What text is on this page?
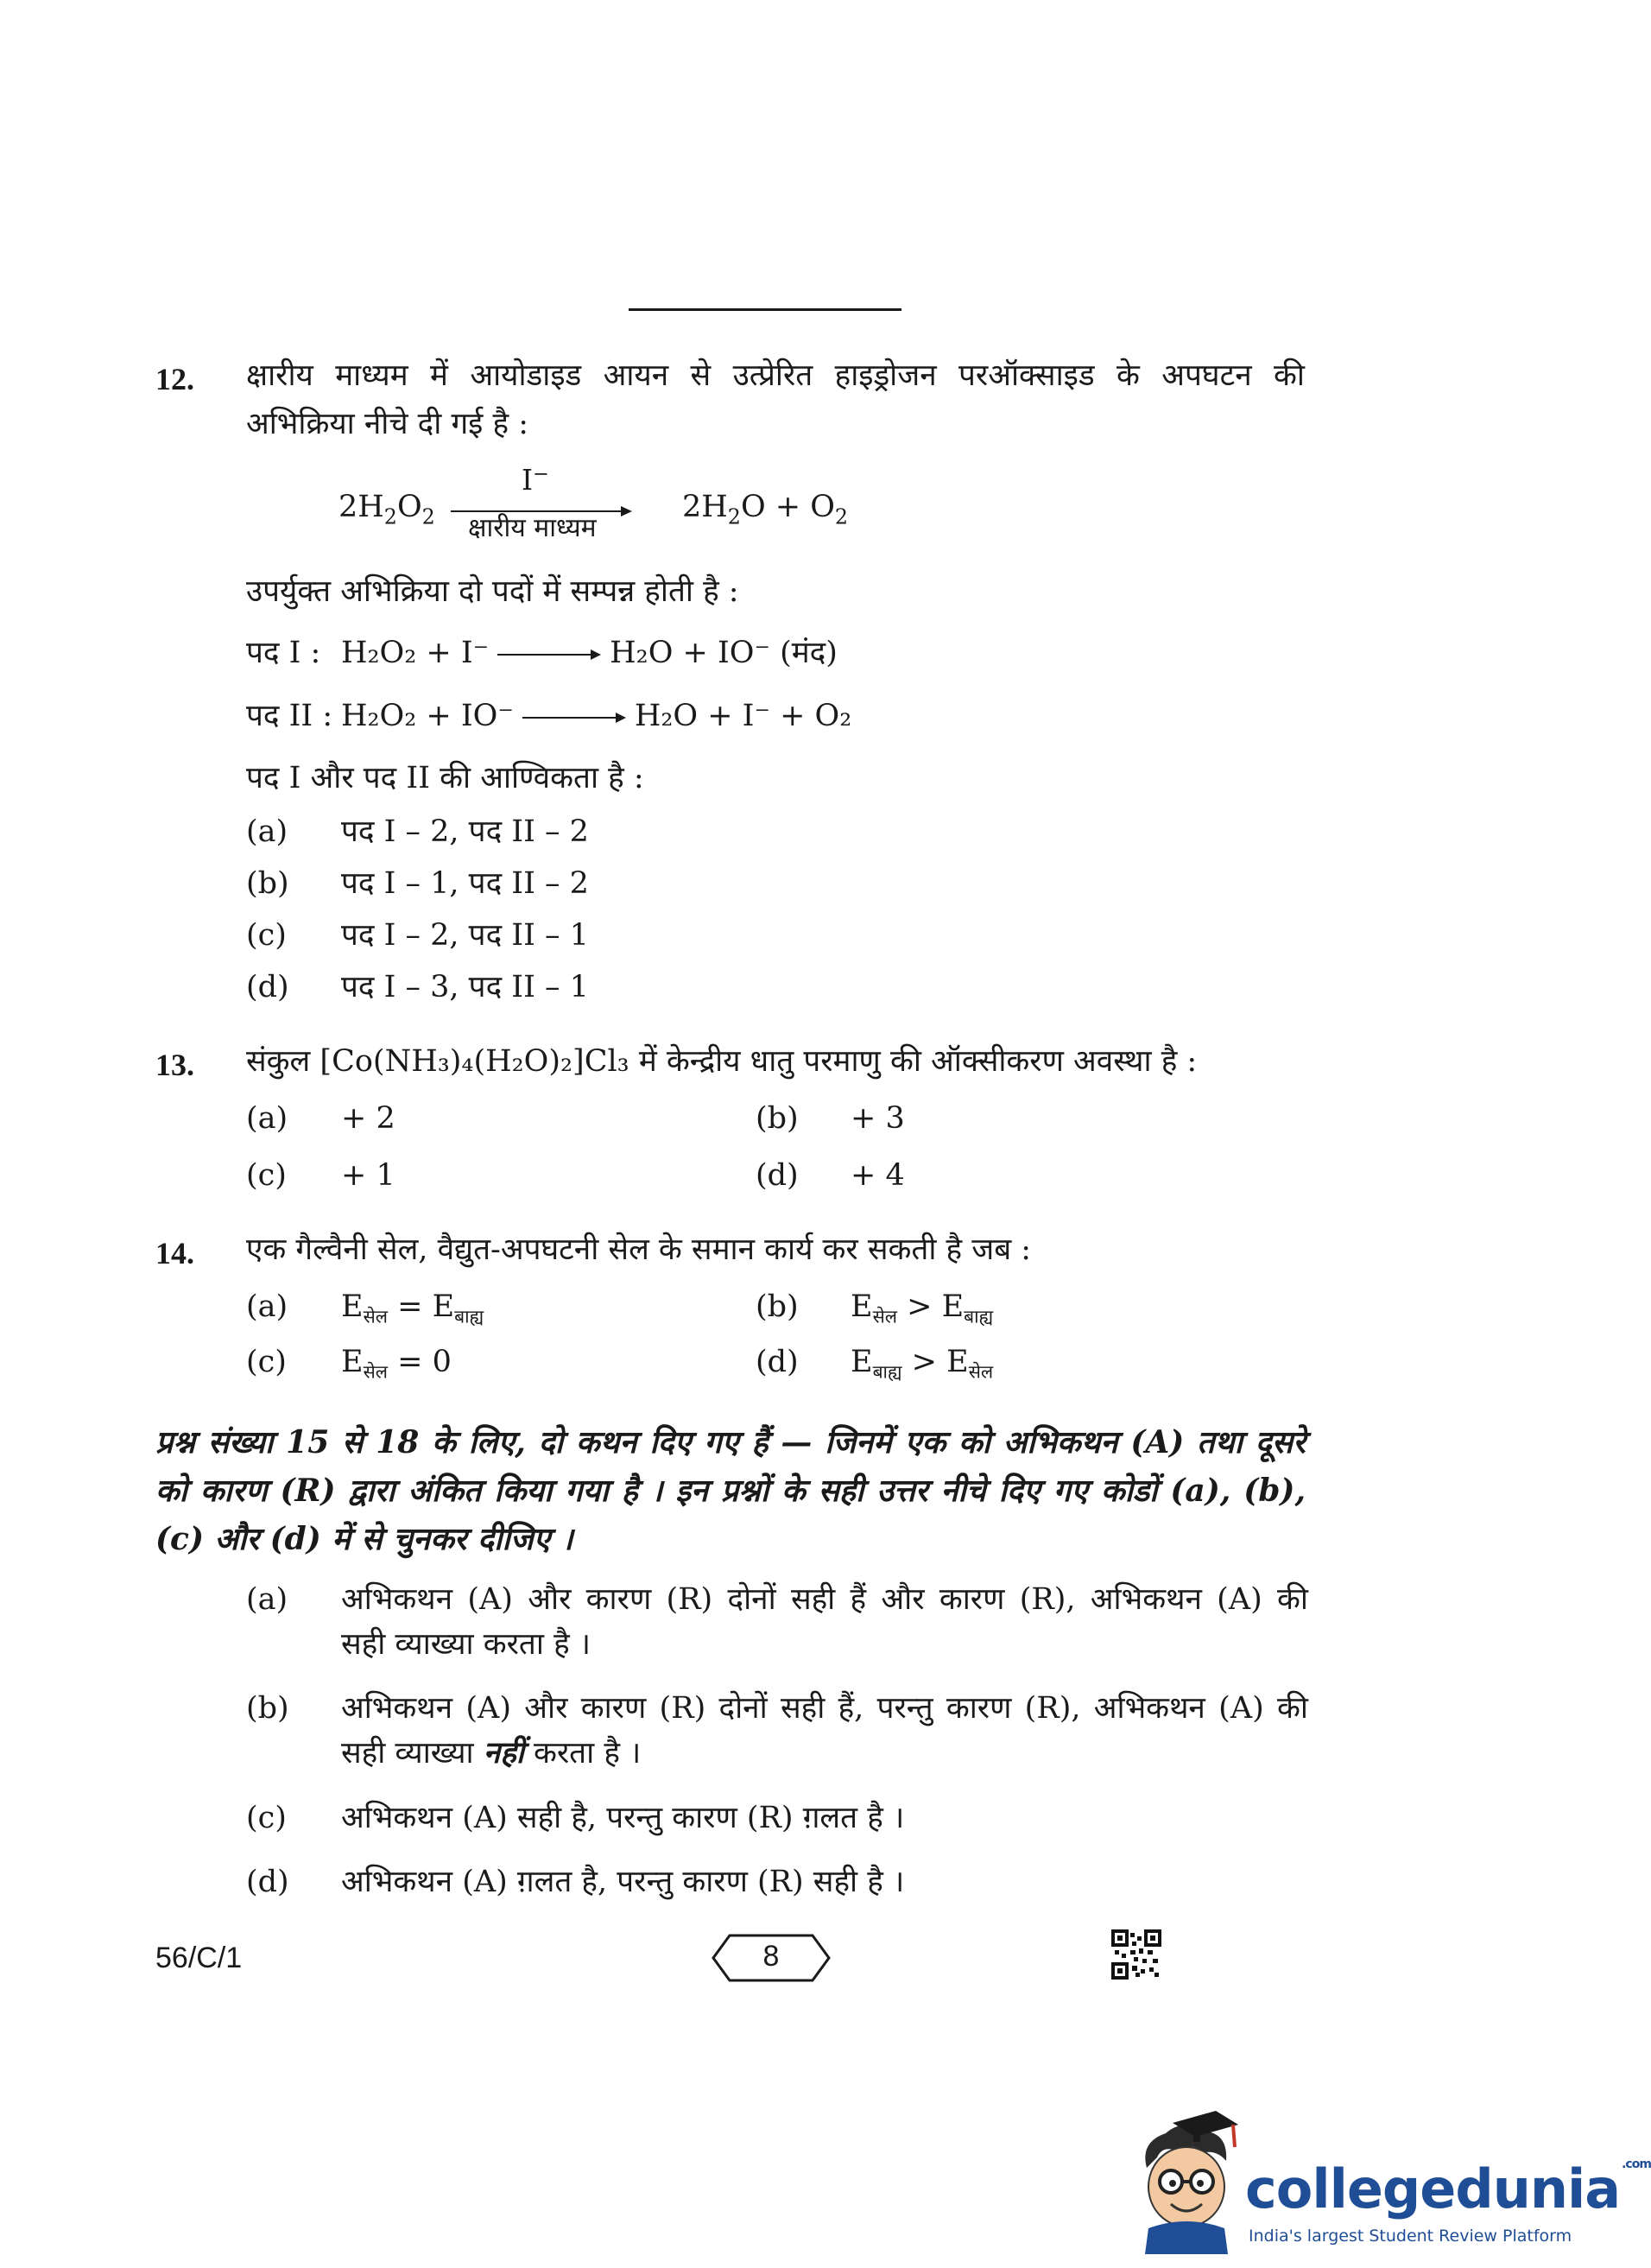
12. क्षारीय माध्यम में आयोडाइड आयन से उत्प्रेरित हाइड्रोजन परऑक्साइड के अपघटन की
अभिक्रिया नीचे दी गई है :
$2H_2O_2$
I−
क्षारीय माध्यम
$2H_2O + O_2$
उपर्युक्त अभिक्रिया दो पदों में सम्पन्न होती है :
पद I : H₂O₂ + I⁻	H₂O + IO⁻ (मंद)
पद II : H₂O₂ + IO⁻	H₂O + I⁻ + O₂
पद I और पद II की आण्विकता है :
(a) पद I – 2, पद II – 2
(b) पद I – 1, पद II – 2
(c) पद I – 2, पद II – 1
(d) पद I – 3, पद II – 1
13. संकुल [Co(NH₃)₄(H₂O)₂]Cl₃ में केन्द्रीय धातु परमाणु की ऑक्सीकरण अवस्था है :
(a) + 2	(b) + 3
(c) + 1	(d) + 4
14. एक गैल्वैनी सेल, वैद्युत-अपघटनी सेल के समान कार्य कर सकती है जब :
(a) $E_{सेल} = E_{बाह्य}$	(b) $E_{सेल} > E_{बाह्य}$
(c) $E_{सेल} = 0$	(d) $E_{बाह्य} > E_{सेल}$
प्रश्न संख्या 15 से 18 के लिए, दो कथन दिए गए हैं — जिनमें एक को अभिकथन (A) तथा दूसरे को कारण (R) द्वारा अंकित किया गया है । इन प्रश्नों के सही उत्तर नीचे दिए गए कोडों (a), (b), (c) और (d) में से चुनकर दीजिए ।
(a) अभिकथन (A) और कारण (R) दोनों सही हैं और कारण (R), अभिकथन (A) की
सही व्याख्या करता है ।
(b) अभिकथन (A) और कारण (R) दोनों सही हैं, परन्तु कारण (R), अभिकथन (A) की
सही व्याख्या नहीं करता है ।
(c) अभिकथन (A) सही है, परन्तु कारण (R) ग़लत है ।
(d) अभिकथन (A) ग़लत है, परन्तु कारण (R) सही है ।
56/C/1	8
collegedunia $^{.com}$
India's largest Student Review Platform
